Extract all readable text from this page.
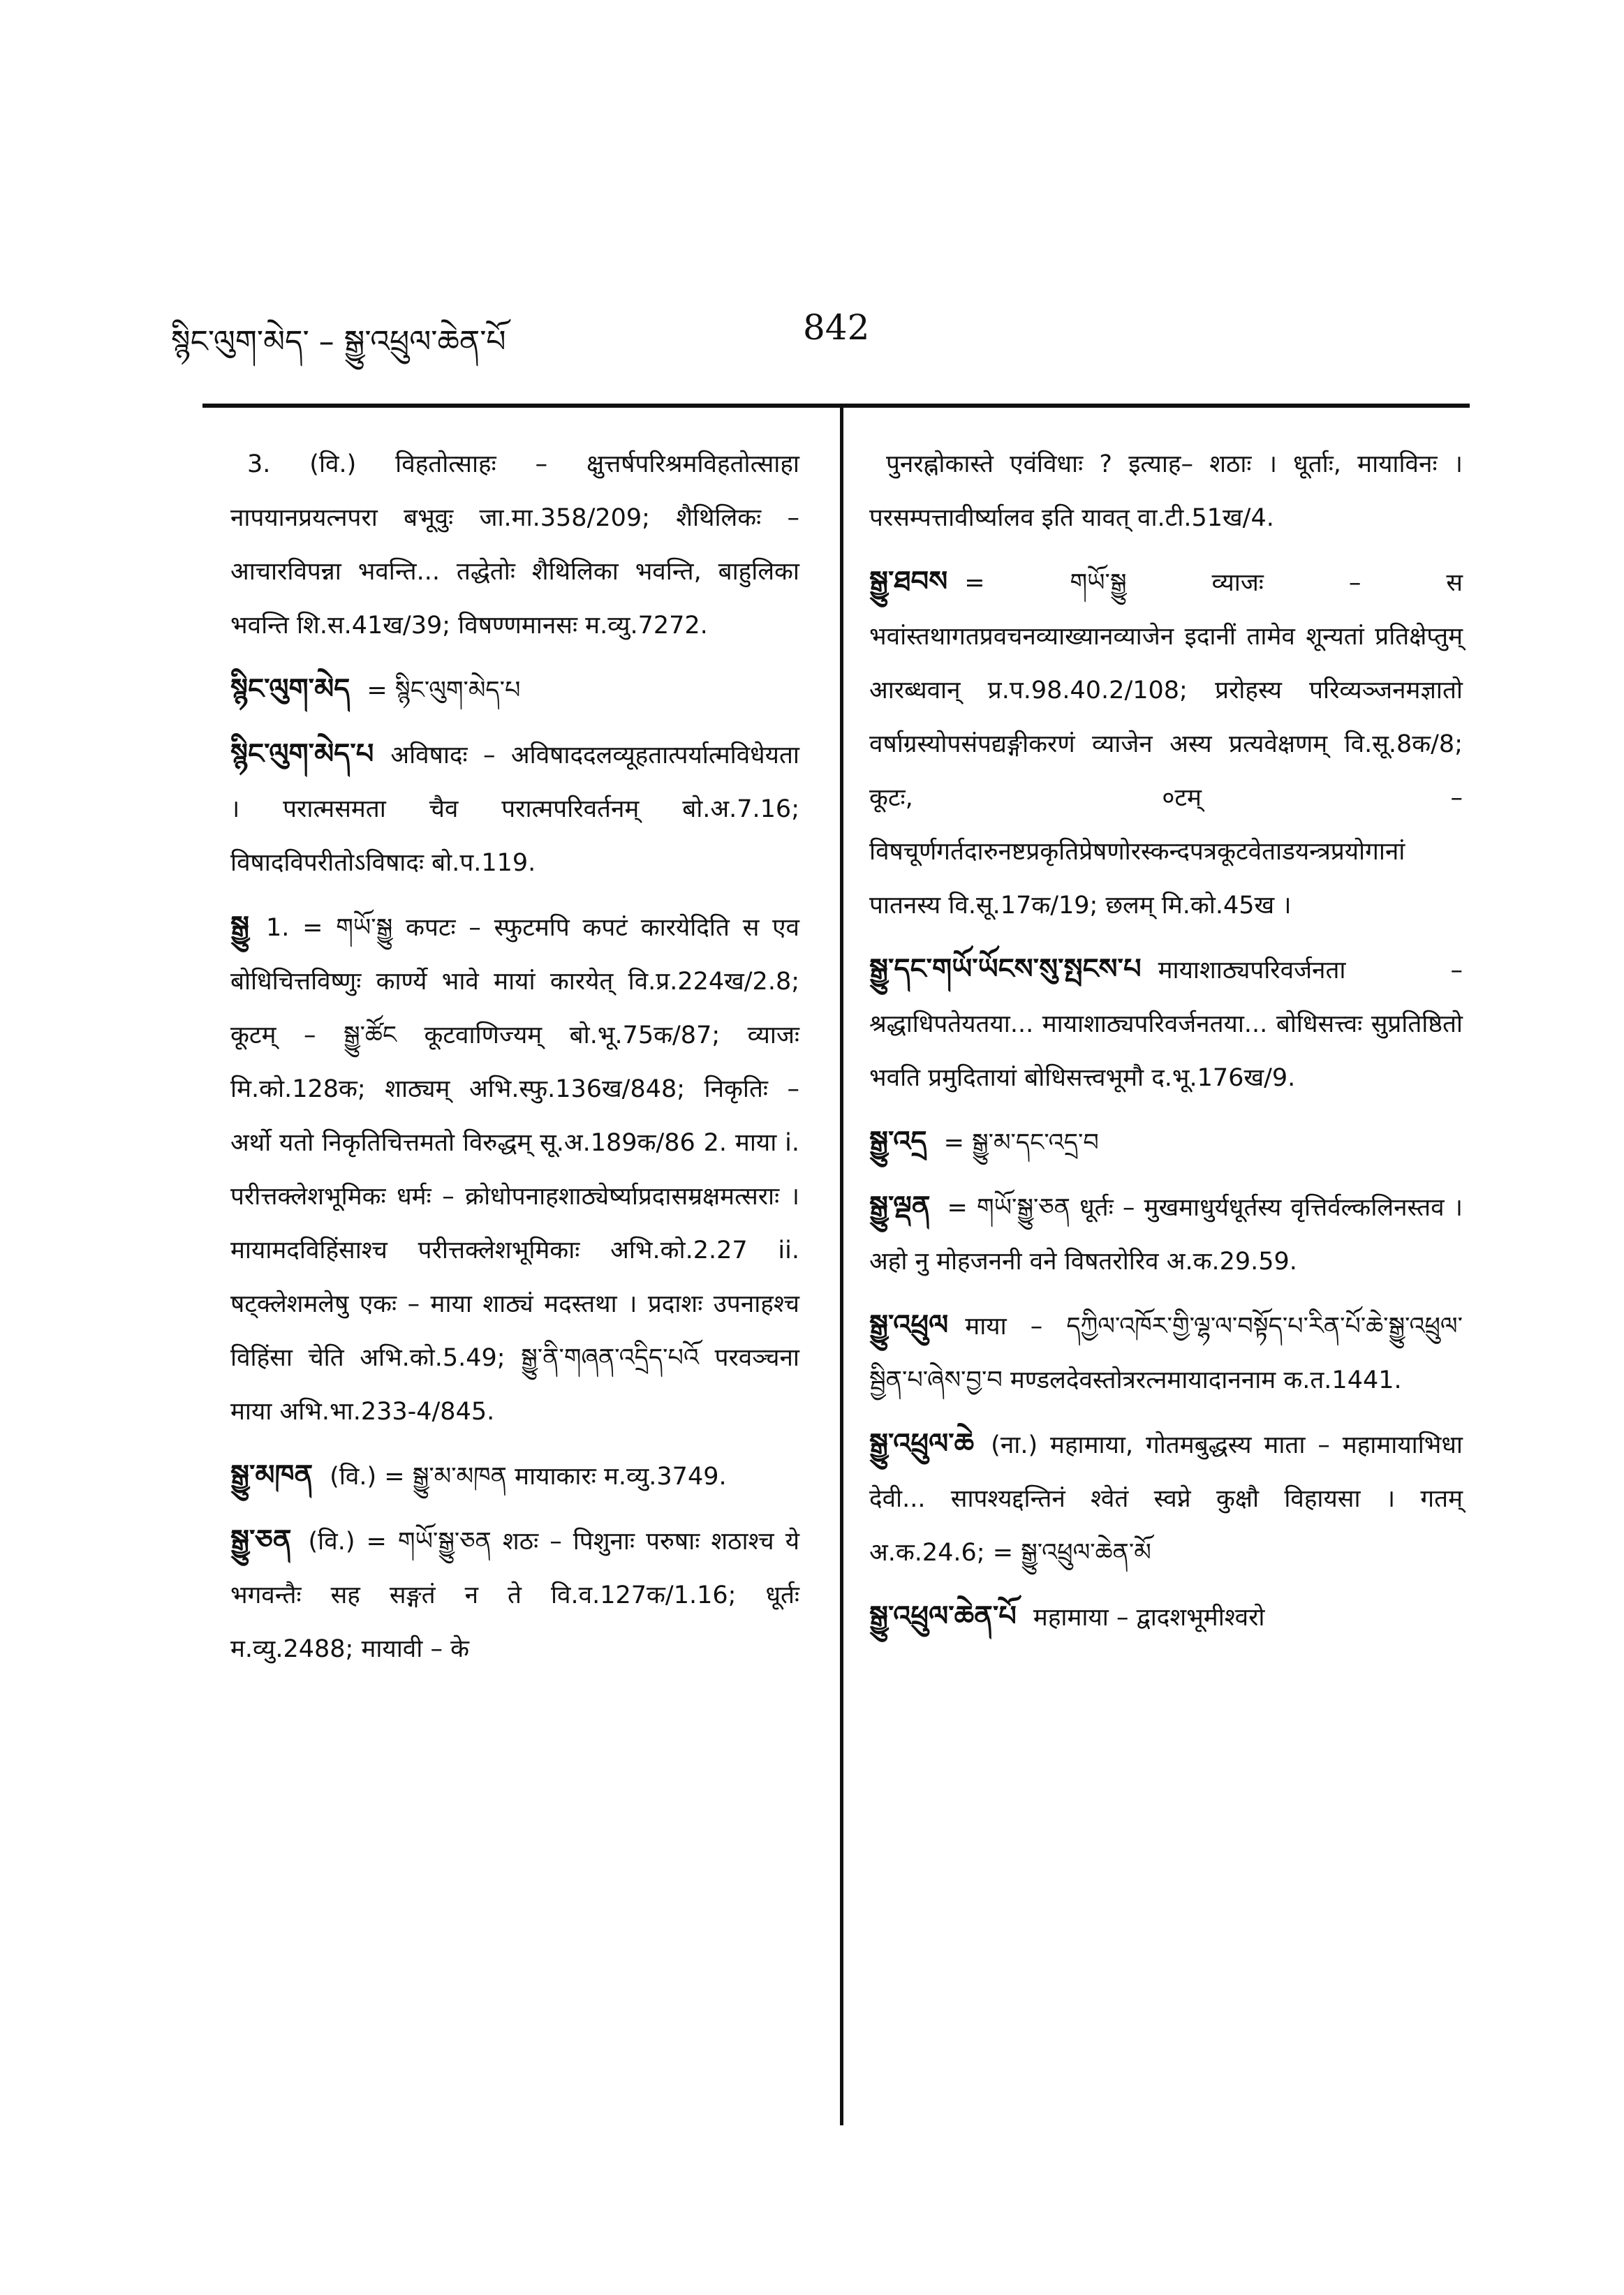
སྙིང་ལུག་མེད་ – སྒྱུ་འཕྲུལ་ཆེན་པོ	842

3. (वि.) विहतोत्साहः – क्षुत्तर्षपरिश्रमविहतोत्साहा नापयानप्रयत्नपरा बभूवुः जा.मा.358/209; शैथिलिकः – आचारविपन्ना भवन्ति... तद्धेतोः शैथिलिका भवन्ति, बाहुलिका भवन्ति शि.स.41ख/39; विषण्णमानसः म.व्यु.7272.

སྙིང་ལུག་མེད = སྙིང་ལུག་མེད་པ

སྙིང་ལུག་མེད་པ अविषादः – अविषाददलव्यूहतात्पर्यात्मविधेयता । परात्मसमता चैव परात्मपरिवर्तनम् बो.अ.7.16; विषादविपरीतोऽविषादः बो.प.119.

སྒྱུ 1. = གཡོ་སྒྱུ कपटः – स्फुटमपि कपटं कारयेदिति स एव बोधिचित्तविष्णुः कार्ण्ये भावे मायां कारयेत् वि.प्र.224ख/2.8; कूटम् – སྒྱུ་ཚོང कूटवाणिज्यम् बो.भू.75क/87; व्याजः मि.को.128क; शाठ्यम् अभि.स्फु.136ख/848; निकृतिः – अर्थो यतो निकृतिचित्तमतो विरुद्धम् सू.अ.189क/86 2. माया i. परीत्तक्लेशभूमिकः धर्मः – क्रोधोपनाहशाठ्येर्ष्याप्रदासम्रक्षमत्सराः । मायामदविहिंसाश्च परीत्तक्लेशभूमिकाः अभि.को.2.27 ii. षट्क्लेशमलेषु एकः – माया शाठ्यं मदस्तथा । प्रदाशः उपनाहश्च विहिंसा चेति अभि.को.5.49; སྒྱུ་ནི་གཞན་འདྲིད་པའོ परवञ्चना माया अभि.भा.233-4/845.

སྒྱུ་མཁན (वि.) = སྒྱུ་མ་མཁན मायाकारः म.व्यु.3749.

སྒྱུ་ཅན (वि.) = གཡོ་སྒྱུ་ཅན शठः – पिशुनाः परुषाः शठाश्च ये भगवन्तैः सह सङ्गतं न ते वि.व.127क/1.16; धूर्तः म.व्यु.2488; मायावी – के

पुनरह्नोकास्ते एवंविधाः ? इत्याह– शठाः । धूर्ताः, मायाविनः । परसम्पत्तावीर्ष्यालव इति यावत् वा.टी.51ख/4.

སྒྱུ་ཐབས = གཡོ་སྒྱུ व्याजः – स भवांस्तथागतप्रवचनव्याख्यानव्याजेन इदानीं तामेव शून्यतां प्रतिक्षेप्तुम् आरब्धवान् प्र.प.98.40.2/108; प्ररोहस्य परिव्यञ्जनमज्ञातो वर्षाग्रस्योपसंपद्यङ्गीकरणं व्याजेन अस्य प्रत्यवेक्षणम् वि.सू.8क/8; कूटः, ०टम् – विषचूर्णगर्तदारुनष्टप्रकृतिप्रेषणोरस्कन्दपत्रकूटवेताडयन्त्रप्रयोगानां पातनस्य वि.सू.17क/19; छलम् मि.को.45ख ।

སྒྱུ་དང་གཡོ་ཡོངས་སུ་སྤངས་པ मायाशाठ्यपरिवर्जनता – श्रद्धाधिपतेयतया... मायाशाठ्यपरिवर्जनतया... बोधिसत्त्वः सुप्रतिष्ठितो भवति प्रमुदितायां बोधिसत्त्वभूमौ द.भू.176ख/9.

སྒྱུ་འདྲ = སྒྱུ་མ་དང་འདྲ་བ

སྒྱུ་ལྡན = གཡོ་སྒྱུ་ཅན धूर्तः – मुखमाधुर्यधूर्तस्य वृत्तिर्वल्कलिनस्तव । अहो नु मोहजननी वने विषतरोरिव अ.क.29.59.

སྒྱུ་འཕྲུལ माया – དཀྱིལ་འཁོར་གྱི་ལྷ་ལ་བསྟོད་པ་རིན་པོ་ཆེ་སྒྱུ་འཕྲུལ་སྦྱིན་པ་ཞེས་བྱ་བ मण्डलदेवस्तोत्ररत्नमायादाननाम क.त.1441.

སྒྱུ་འཕྲུལ་ཆེ (ना.) महामाया, गोतमबुद्धस्य माता – महामायाभिधा देवी... सापश्यद्दन्तिनं श्वेतं स्वप्ने कुक्षौ विहायसा । गतम् अ.क.24.6; = སྒྱུ་འཕྲུལ་ཆེན་མོ

སྒྱུ་འཕྲུལ་ཆེན་པོ महामाया – द्वादशभूमीश्वरो
